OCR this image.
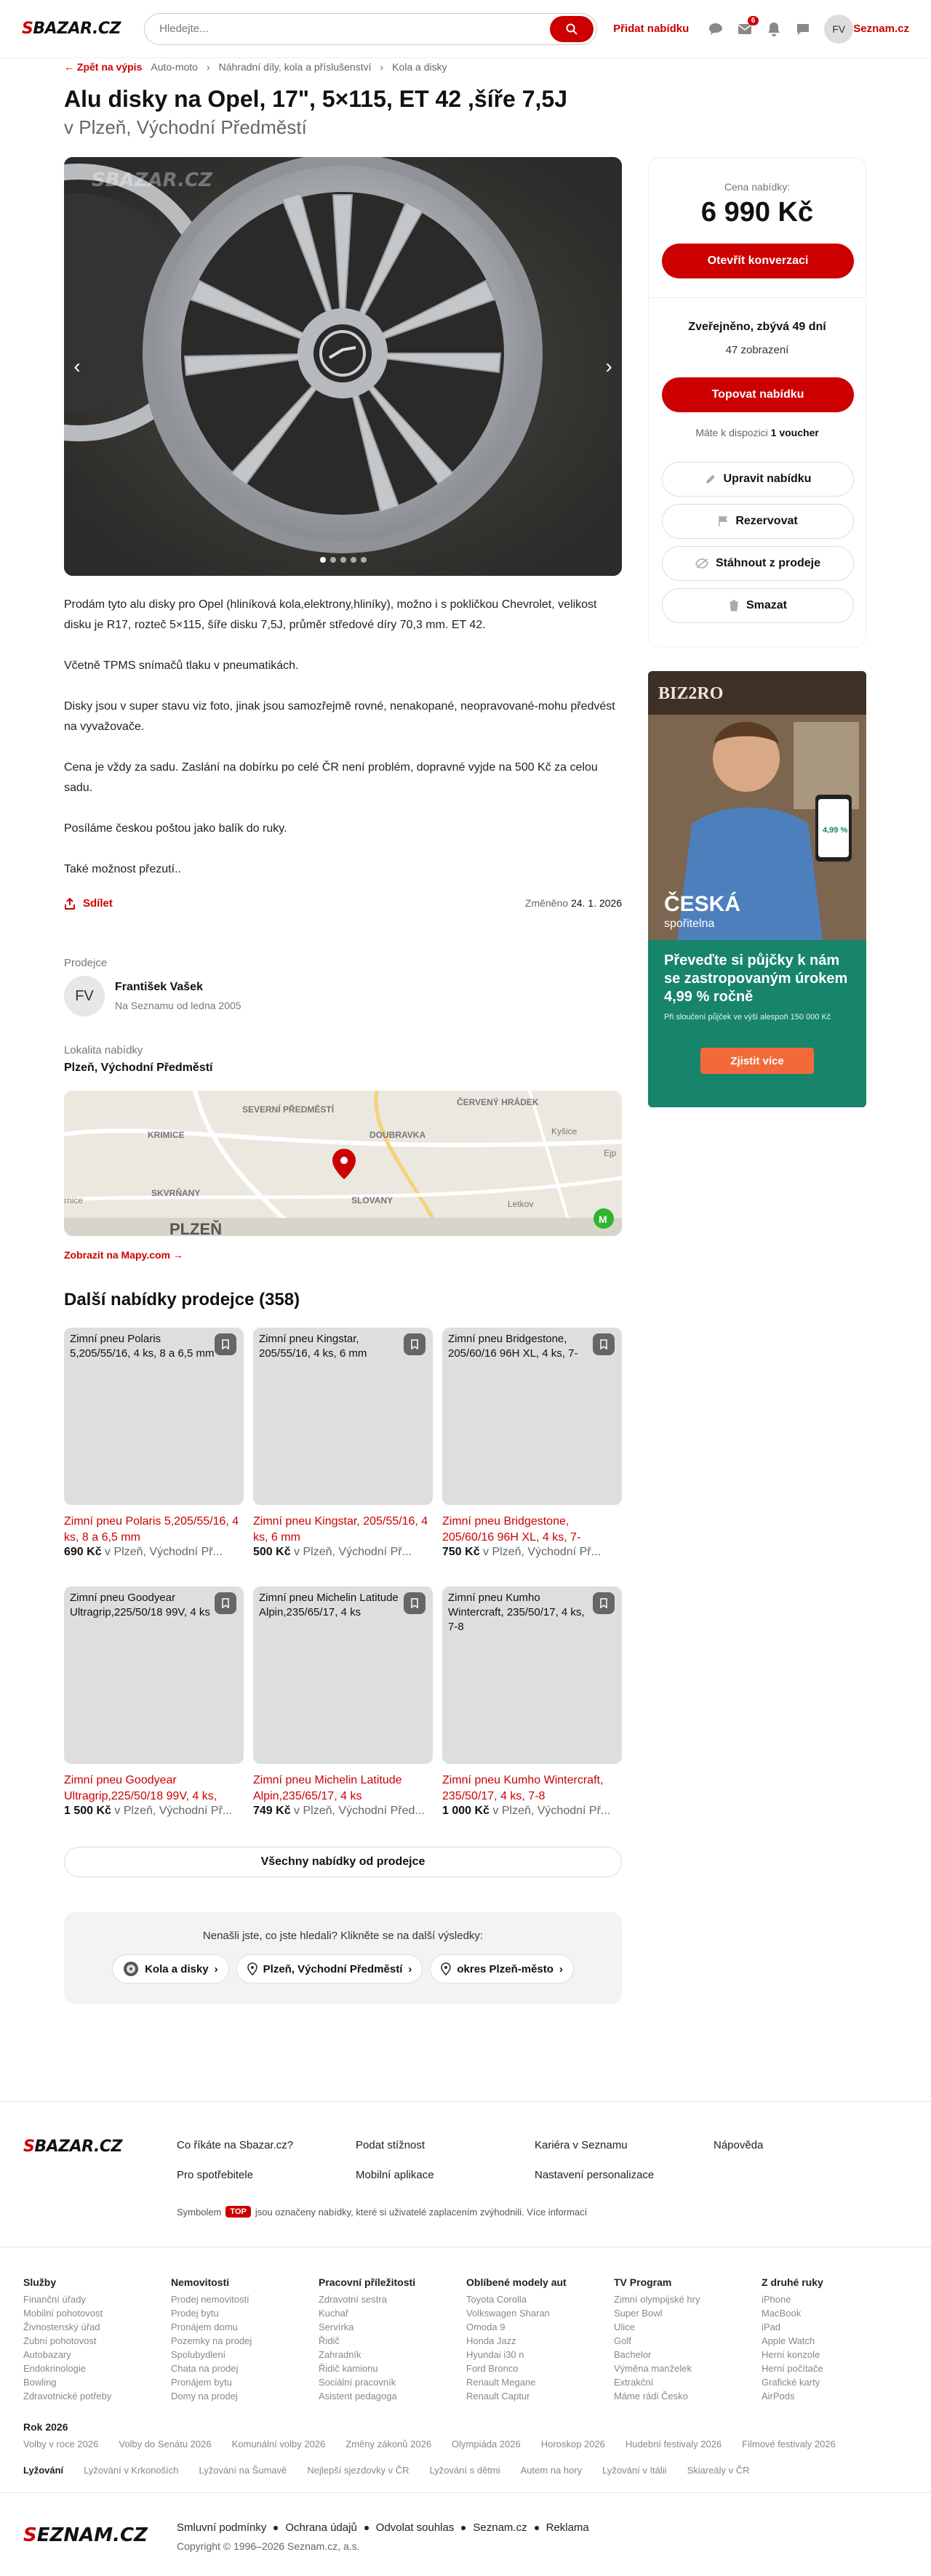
SBAZAR.CZ
Hledejte...	Přidat nabídku
6
FV Seznam.cz
← Zpět na výpis Auto-moto › Náhradní díly, kola a příslušenství › Kola a disky
Alu disky na Opel, 17", 5×115, ET 42 ,šíře 7,5J
v Plzeň, Východní Předměstí
SBAZAR.CZ
‹	›

Prodám tyto alu disky pro Opel (hliníková kola,elektrony,hliníky), možno i s pokličkou Chevrolet, velikost disku je R17, rozteč 5×115, šíře disku 7,5J, průměr středové díry 70,3 mm. ET 42.

Včetně TPMS snímačů tlaku v pneumatikách.

Disky jsou v super stavu viz foto, jinak jsou samozřejmě rovné, nenakopané, neopravované-mohu předvést na vyvažovače.

Cena je vždy za sadu. Zaslání na dobírku po celé ČR není problém, dopravné vyjde na 500 Kč za celou sadu.

Posíláme českou poštou jako balík do ruky.

Také možnost přezutí..

Sdílet	Změněno 24. 1. 2026
Prodejce
FV
František Vašek
Na Seznamu od ledna 2005
Lokalita nabídky
Plzeň, Východní Předměstí
SEVERNÍ PŘEDMĚSTÍ
KRIMICE
ČERVENÝ HRÁDEK
DOUBRAVKA	Kyšice
SKVRŇANY
SLOVANY	Letkov
Ejp
rnice
PLZEŇ
M
Zobrazit na Mapy.com →
Další nabídky prodejce (358)
Zimní pneu Polaris 5,205/55/16, 4 ks, 8 a 6,5 mm
Zimní pneu Polaris 5,205/55/16, 4 ks, 8 a 6,5 mm
690 Kč v Plzeň, Východní Př...
Zimní pneu Kingstar, 205/55/16, 4 ks, 6 mm
Zimní pneu Kingstar, 205/55/16, 4 ks, 6 mm
500 Kč v Plzeň, Východní Př...
Zimní pneu Bridgestone, 205/60/16 96H XL, 4 ks, 7-
Zimní pneu Bridgestone, 205/60/16 96H XL, 4 ks, 7-
750 Kč v Plzeň, Východní Př...
Zimní pneu Goodyear Ultragrip,225/50/18 99V, 4 ks
Zimní pneu Goodyear Ultragrip,225/50/18 99V, 4 ks,
1 500 Kč v Plzeň, Východní Př...
Zimní pneu Michelin Latitude Alpin,235/65/17, 4 ks
Zimní pneu Michelin Latitude Alpin,235/65/17, 4 ks
749 Kč v Plzeň, Východní Před...
Zimní pneu Kumho Wintercraft, 235/50/17, 4 ks, 7-8
Zimní pneu Kumho Wintercraft, 235/50/17, 4 ks, 7-8
1 000 Kč v Plzeň, Východní Př...
Všechny nabídky od prodejce
Nenašli jste, co jste hledali? Klikněte se na další výsledky:
Kola a disky ›	Plzeň, Východní Předměstí ›	okres Plzeň-město ›
Cena nabídky:
6 990 Kč
Otevřít konverzaci
Zveřejněno, zbývá 49 dní
47 zobrazení
Topovat nabídku
Máte k dispozici 1 voucher
Upravit nabídku
Rezervovat
Stáhnout z prodeje
Smazat
BIZ2RO
4,99 %
ČESKÁ
spořitelna
Převeďte si půjčky k nám se zastropovaným úrokem 4,99 % ročně
Při sloučení půjček ve výši alespoň 150 000 Kč
Zjistit více
SBAZAR.CZ	Co říkáte na Sbazar.cz?	Podat stížnost	Kariéra v Seznamu	Nápověda
Pro spotřebitele	Mobilní aplikace	Nastavení personalizace
Symbolem	TOP jsou označeny nabídky, které si uživatelé zaplacením zvýhodnili. Více informací
Služby
Finanční úřady
Mobilní pohotovost
Živnostenský úřad
Zubní pohotovost
Autobazary
Endokrinologie
Bowling
Zdravotnické potřeby
Nemovitosti
Prodej nemovitostí
Prodej bytu
Pronájem domu
Pozemky na prodej
Spolubydlení
Chata na prodej
Pronájem bytu
Domy na prodej
Pracovní příležitosti
Zdravotní sestra
Kuchař
Servírka
Řidič
Zahradník
Řidič kamionu
Sociální pracovník
Asistent pedagoga
Oblíbené modely aut
Toyota Corolla
Volkswagen Sharan
Omoda 9
Honda Jazz
Hyundai i30 n
Ford Bronco
Renault Megane
Renault Captur
TV Program
Zimní olympijské hry
Super Bowl
Ulice
Golf
Bachelor
Výměna manželek
Extrakční
Máme rádi Česko
Z druhé ruky
iPhone
MacBook
iPad
Apple Watch
Herní konzole
Herní počítače
Grafické karty
AirPods
Rok 2026
Volby v roce 2026 Volby do Senátu 2026 Komunální volby 2026 Změny zákonů 2026 Olympiáda 2026 Horoskop 2026 Hudební festivaly 2026 Filmové festivaly 2026
Lyžování Lyžování v Krkonoších Lyžování na Šumavě Nejlepší sjezdovky v ČR Lyžování s dětmi Autem na hory Lyžování v Itálii Skiareály v ČR
SEZNAM.CZ	Smluvní podmínky Ochrana údajů Odvolat souhlas Seznam.cz Reklama
Copyright © 1996–2026 Seznam.cz, a.s.
